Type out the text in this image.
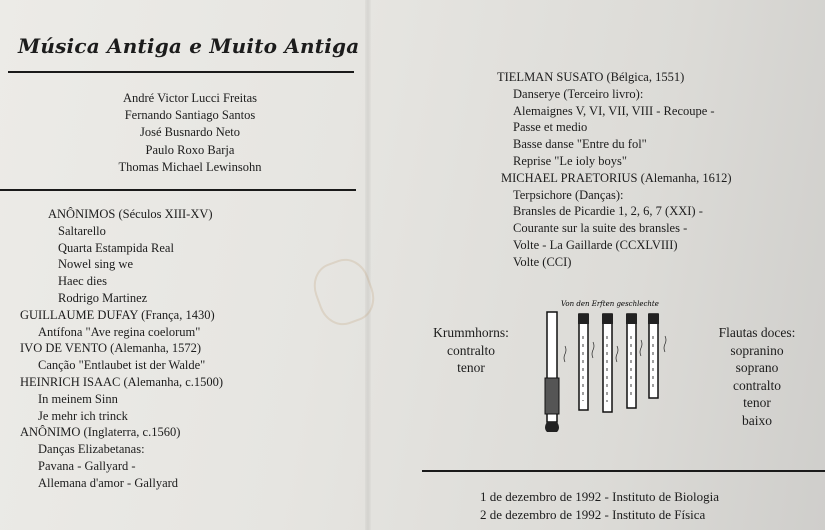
Música Antiga e Muito Antiga
André Victor Lucci Freitas
Fernando Santiago Santos
José Busnardo Neto
Paulo Roxo Barja
Thomas Michael Lewinsohn
ANÔNIMOS (Séculos XIII-XV)
Saltarello
Quarta Estampida Real
Nowel sing we
Haec dies
Rodrigo Martinez
GUILLAUME DUFAY (França, 1430)
Antífona "Ave regina coelorum"
IVO DE VENTO (Alemanha, 1572)
Canção "Entlaubet ist der Walde"
HEINRICH ISAAC (Alemanha, c.1500)
In meinem Sinn
Je mehr ich trinck
ANÔNIMO (Inglaterra, c.1560)
Danças Elizabetanas:
Pavana - Gallyard -
Allemana d'amor - Gallyard
TIELMAN SUSATO (Bélgica, 1551)
Danserye (Terceiro livro):
Alemaignes V, VI, VII, VIII - Recoupe -
Passe et medio
Basse danse "Entre du fol"
Reprise "Le ioly boys"
MICHAEL PRAETORIUS (Alemanha, 1612)
Terpsichore (Danças):
Bransles de Picardie 1, 2, 6, 7 (XXI) -
Courante sur la suite des bransles -
Volte - La Gaillarde (CCXLVIII)
Volte (CCI)
Krummhorns:
contralto
tenor
Von den Erften geschlechte
Flautas doces:
sopranino
soprano
contralto
tenor
baixo
1 de dezembro de 1992 - Instituto de Biologia
2 de dezembro de 1992 - Instituto de Física
